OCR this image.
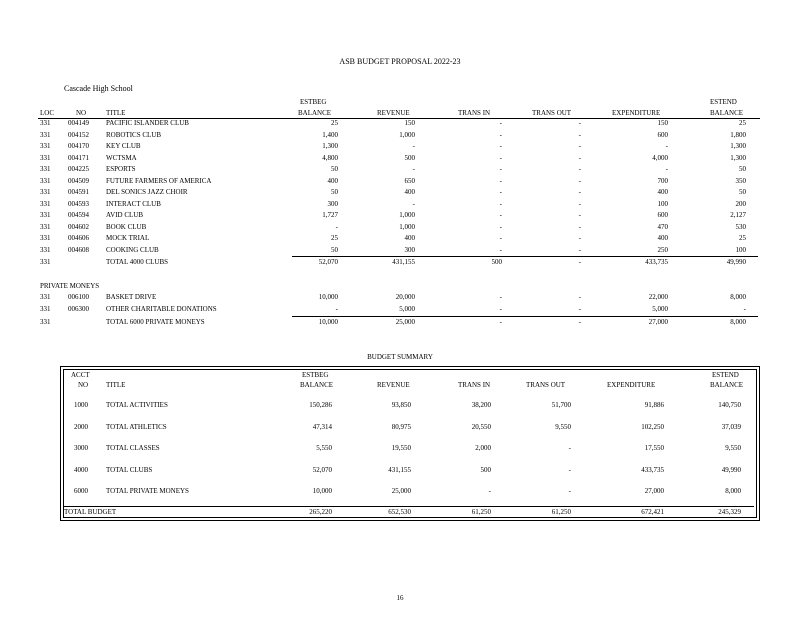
ASB BUDGET PROPOSAL 2022-23
Cascade High School
ESTBEG	ESTEND
LOC	NO	TITLE	BALANCE	REVENUE	TRANS IN	TRANS OUT	EXPENDITURE	BALANCE
331	004149 PACIFIC ISLANDER CLUB	25	150	-	-	150	25
331	004152 ROBOTICS CLUB	1,400	1,000	-	-	600	1,800
331	004170 KEY CLUB	1,300	-	-	-	-	1,300
331	004171 WCTSMA	4,800	500	-	-	4,000	1,300
331	004225 ESPORTS	50	-	-	-	-	50
331	004509 FUTURE FARMERS OF AMERICA	400	650	-	-	700	350
331	004591 DEL SONICS JAZZ CHOIR	50	400	-	-	400	50
331	004593 INTERACT CLUB	300	-	-	-	100	200
331	004594 AVID CLUB	1,727	1,000	-	-	600	2,127
331	004602 BOOK CLUB	-	1,000	-	-	470	530
331	004606 MOCK TRIAL	25	400	-	-	400	25
331	004608 COOKING CLUB	50	300	-	-	250	100
331	TOTAL 4000 CLUBS	52,070	431,155	500	-	433,735	49,990
PRIVATE MONEYS
331	006100 BASKET DRIVE	10,000	20,000	-	-	22,000	8,000
331	006300 OTHER CHARITABLE DONATIONS	-	5,000	-	-	5,000	-
331	TOTAL 6000 PRIVATE MONEYS	10,000	25,000	-	-	27,000	8,000
BUDGET SUMMARY
ACCT	ESTBEG	ESTEND
NO	TITLE	BALANCE	REVENUE	TRANS IN	TRANS OUT	EXPENDITURE	BALANCE
1000	TOTAL ACTIVITIES	150,286	93,850	38,200	51,700	91,886	140,750
2000	TOTAL ATHLETICS	47,314	80,975	20,550	9,550	102,250	37,039
3000	TOTAL CLASSES	5,550	19,550	2,000	-	17,550	9,550
4000	TOTAL CLUBS	52,070	431,155	500	-	433,735	49,990
6000	TOTAL PRIVATE MONEYS	10,000	25,000	-	-	27,000	8,000
TOTAL BUDGET	265,220	652,530	61,250	61,250	672,421	245,329
16
